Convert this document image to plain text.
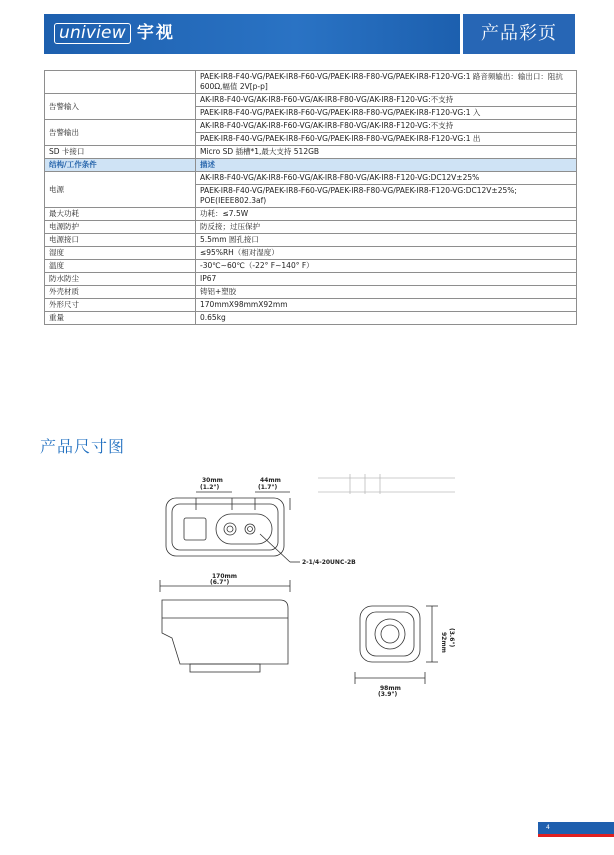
uniview 宇视	产品彩页

	PAEK-IR8-F40-VG/PAEK-IR8-F60-VG/PAEK-IR8-F80-VG/PAEK-IR8-F120-VG:1 路音频输出：输出口：阻抗 600Ω,幅值 2V[p-p]

告警输入	AK-IR8-F40-VG/AK-IR8-F60-VG/AK-IR8-F80-VG/AK-IR8-F120-VG:不支持
PAEK-IR8-F40-VG/PAEK-IR8-F60-VG/PAEK-IR8-F80-VG/PAEK-IR8-F120-VG:1 入

告警输出	AK-IR8-F40-VG/AK-IR8-F60-VG/AK-IR8-F80-VG/AK-IR8-F120-VG:不支持
PAEK-IR8-F40-VG/PAEK-IR8-F60-VG/PAEK-IR8-F80-VG/PAEK-IR8-F120-VG:1 出

SD 卡接口	Micro SD 插槽*1,最大支持 512GB

结构/工作条件	描述

电源	AK-IR8-F40-VG/AK-IR8-F60-VG/AK-IR8-F80-VG/AK-IR8-F120-VG:DC12V±25%
PAEK-IR8-F40-VG/PAEK-IR8-F60-VG/PAEK-IR8-F80-VG/PAEK-IR8-F120-VG:DC12V±25%; POE(IEEE802.3af)

最大功耗	功耗：≤7.5W

电源防护	防反接；过压保护

电源接口	5.5mm 圆孔接口

湿度	≤95%RH（相对湿度）

温度	-30℃~60℃（-22° F~140° F）

防水防尘	IP67

外壳材质	铸铝+塑胶

外形尺寸	170mmX98mmX92mm

重量	0.65kg
产品尺寸图
30mm
(1.2")
44mm
(1.7")
2-1/4-20UNC-2B
170mm
(6.7")
98mm
(3.9")
92mm (3.6")
4
